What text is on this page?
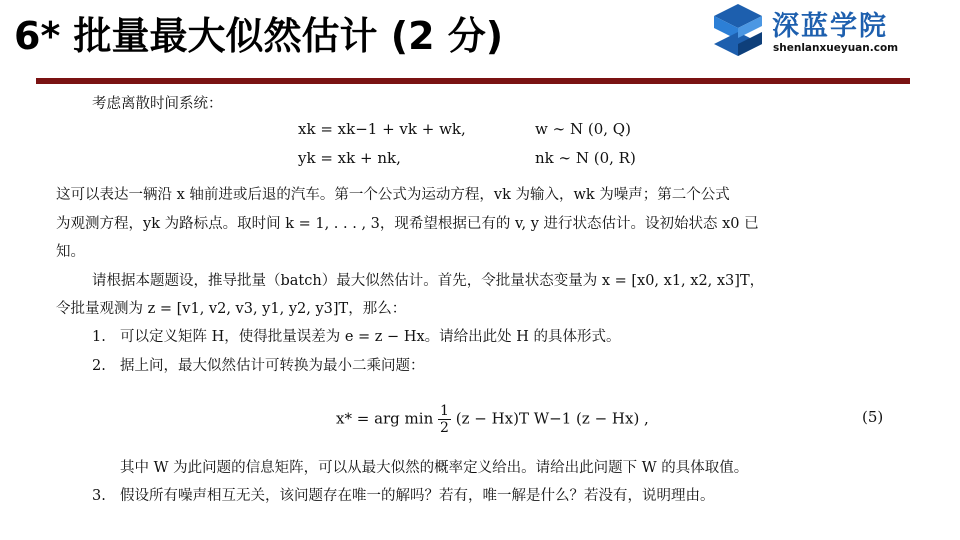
6* 批量最大似然估计 (2 分)	深蓝学院
shenlanxueyuan.com
考虑离散时间系统：
xk = xk−1 + vk + wk,	w ∼ N (0, Q)
yk = xk + nk,	nk ∼ N (0, R)
这可以表达一辆沿 x 轴前进或后退的汽车。第一个公式为运动方程，vk 为输入，wk 为噪声；第二个公式
为观测方程，yk 为路标点。取时间 k = 1, . . . , 3，现希望根据已有的 v, y 进行状态估计。设初始状态 x0 已
知。
请根据本题题设，推导批量（batch）最大似然估计。首先，令批量状态变量为 x = [x0, x1, x2, x3]T，
令批量观测为 z = [v1, v2, v3, y1, y2, y3]T，那么：
1. 可以定义矩阵 H，使得批量误差为 e = z − Hx。请给出此处 H 的具体形式。
2. 据上问，最大似然估计可转换为最小二乘问题：
x* = arg $\min \frac{1}{2} (z - Hx)T$ W−1 (z − Hx) ,	(5)
其中 W 为此问题的信息矩阵，可以从最大似然的概率定义给出。请给出此问题下 W 的具体取值。
3. 假设所有噪声相互无关，该问题存在唯一的解吗？若有，唯一解是什么？若没有，说明理由。
